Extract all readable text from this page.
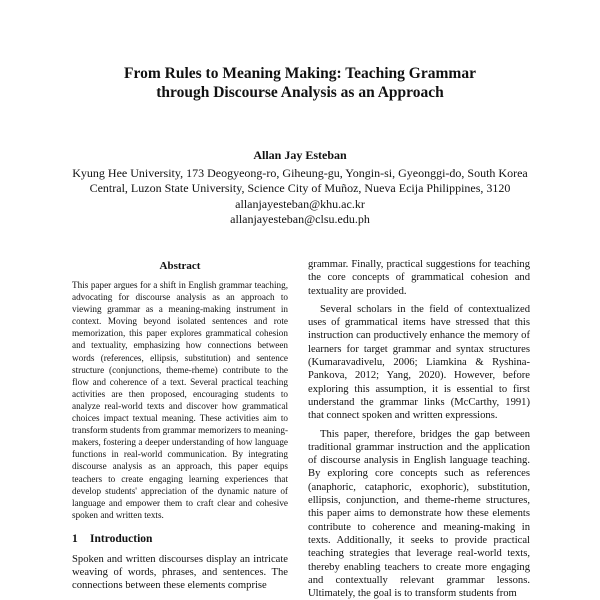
From Rules to Meaning Making: Teaching Grammar
through Discourse Analysis as an Approach
Allan Jay Esteban
Kyung Hee University, 173 Deogyeong-ro, Giheung-gu, Yongin-si, Gyeonggi-do, South Korea
Central, Luzon State University, Science City of Muñoz, Nueva Ecija Philippines, 3120
allanjayesteban@khu.ac.kr
allanjayesteban@clsu.edu.ph
Abstract

This paper argues for a shift in English grammar teaching, advocating for discourse analysis as an approach to viewing grammar as a meaning-making instrument in context. Moving beyond isolated sentences and rote memorization, this paper explores grammatical cohesion and textuality, emphasizing how connections between words (references, ellipsis, substitution) and sentence structure (conjunctions, theme-rheme) contribute to the flow and coherence of a text. Several practical teaching activities are then proposed, encouraging students to analyze real-world texts and discover how grammatical choices impact textual meaning. These activities aim to transform students from grammar memorizers to meaning-makers, fostering a deeper understanding of how language functions in real-world communication. By integrating discourse analysis as an approach, this paper equips teachers to create engaging learning experiences that develop students' appreciation of the dynamic nature of language and empower them to craft clear and cohesive spoken and written texts.

1 Introduction

Spoken and written discourses display an intricate weaving of words, phrases, and sentences. The connections between these elements comprise

grammar. Finally, practical suggestions for teaching the core concepts of grammatical cohesion and textuality are provided.

Several scholars in the field of contextualized uses of grammatical items have stressed that this instruction can productively enhance the memory of learners for target grammar and syntax structures (Kumaravadivelu, 2006; Liamkina & Ryshina-Pankova, 2012; Yang, 2020). However, before exploring this assumption, it is essential to first understand the grammar links (McCarthy, 1991) that connect spoken and written expressions.

This paper, therefore, bridges the gap between traditional grammar instruction and the application of discourse analysis in English language teaching. By exploring core concepts such as references (anaphoric, cataphoric, exophoric), substitution, ellipsis, conjunction, and theme-rheme structures, this paper aims to demonstrate how these elements contribute to coherence and meaning-making in texts. Additionally, it seeks to provide practical teaching strategies that leverage real-world texts, thereby enabling teachers to create more engaging and contextually relevant grammar lessons. Ultimately, the goal is to transform students from
